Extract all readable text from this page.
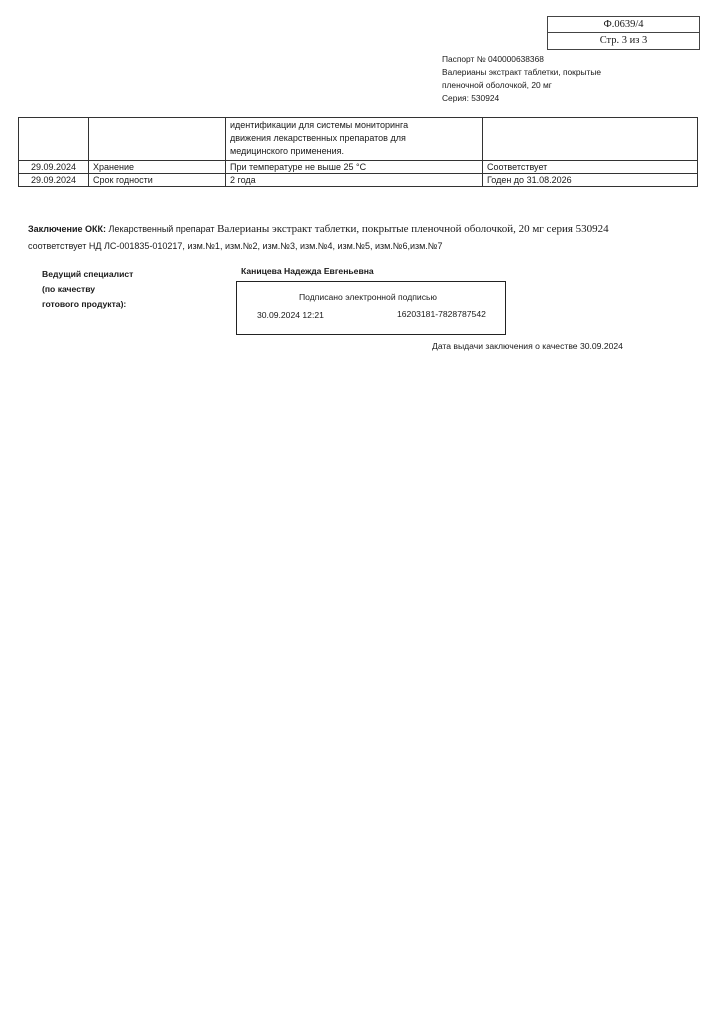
Ф.0639/4
Стр. 3 из 3
Паспорт № 040000638368
Валерианы экстракт таблетки, покрытые
пленочной оболочкой, 20 мг
Серия: 530924

		идентификации для системы мониторинга
движения лекарственных препаратов для
медицинского применения.	

29.09.2024	Хранение	При температуре не выше 25 °С	Соответствует
29.09.2024	Срок годности	2 года	Годен до 31.08.2026
Заключение ОКК: Лекарственный препарат Валерианы экстракт таблетки, покрытые пленочной оболочкой, 20 мг серия 530924
соответствует НД ЛС-001835-010217, изм.№1, изм.№2, изм.№3, изм.№4, изм.№5, изм.№6,изм.№7
Ведущий специалист (по качеству
готового продукта):
Каницева Надежда Евгеньевна
Подписано электронной подписью
30.09.2024 12:21	16203181-7828787542
Дата выдачи заключения о качестве 30.09.2024
